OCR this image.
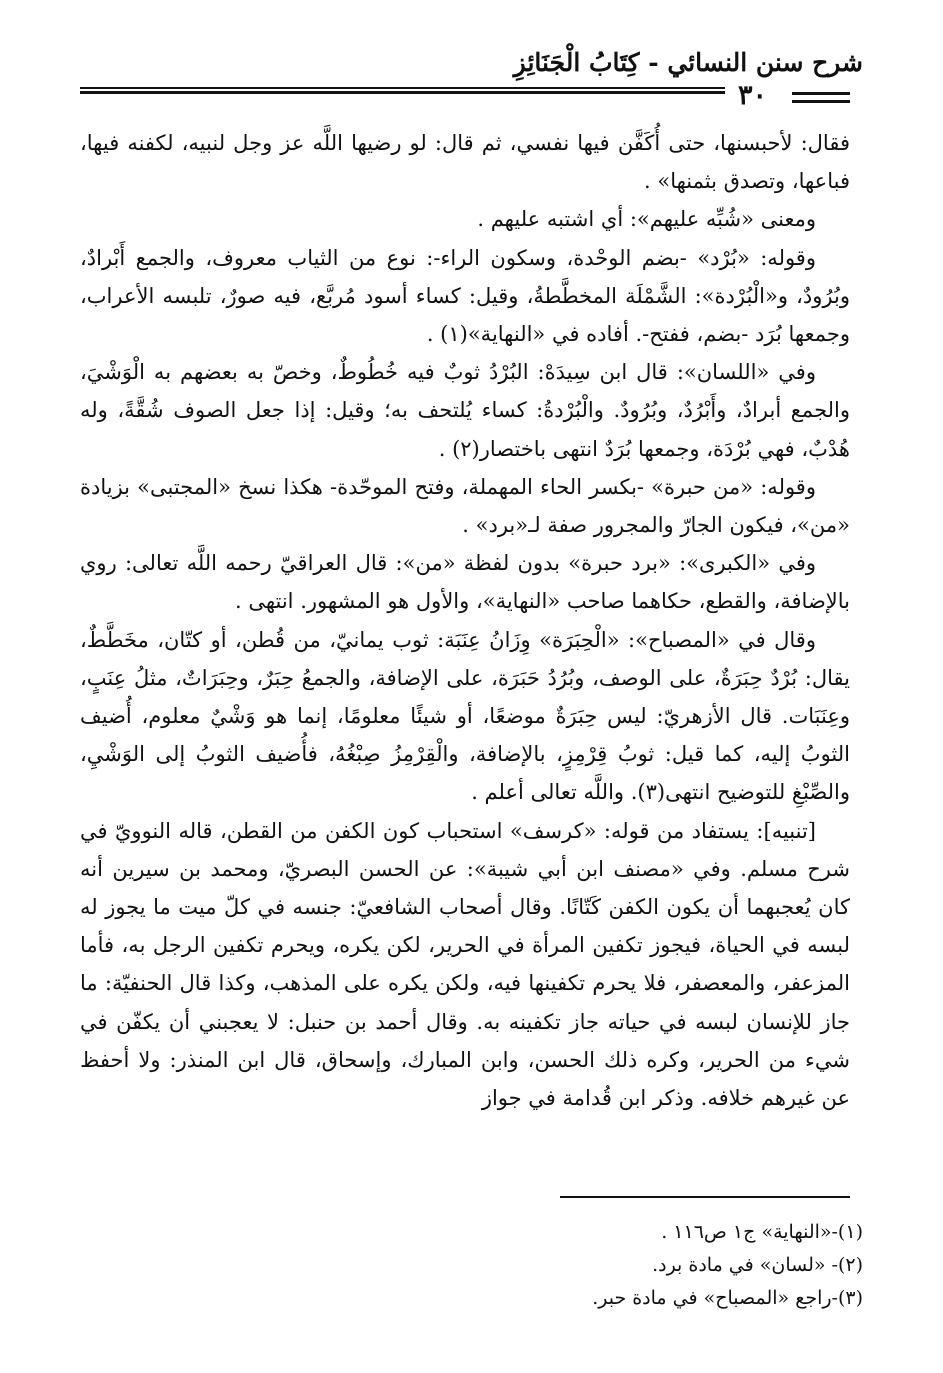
شرح سنن النسائي - كِتَابُ الْجَنَائِزِ
٣٠

فقال: لأحبسنها، حتى أُكَفَّن فيها نفسي، ثم قال: لو رضيها اللَّه عز وجل لنبيه، لكفنه فيها، فباعها، وتصدق بثمنها» .

ومعنى «شُبِّه عليهم»: أي اشتبه عليهم .

وقوله: «بُرْد» -بضم الوحْدة، وسكون الراء-: نوع من الثياب معروف، والجمع أَبْرادٌ، وبُرُودٌ، و«الْبُرْدة»: الشَّمْلَة المخطَّطةُ، وقيل: كساء أسود مُربَّع، فيه صورٌ، تلبسه الأعراب، وجمعها بُرَد -بضم، ففتح-. أفاده في «النهاية»(١) .

وفي «اللسان»: قال ابن سِيدَهْ: البُرْدُ ثوبٌ فيه خُطُوطٌ، وخصّ به بعضهم به الْوَشْيَ، والجمع أبرادٌ، وأَبْرُدٌ، وبُرُودٌ. والْبُرْدةُ: كساء يُلتحف به؛ وقيل: إذا جعل الصوف شُقَّةً، وله هُدْبٌ، فهي بُرْدَة، وجمعها بُرَدٌ انتهى باختصار(٢) .

وقوله: «من حبرة» -بكسر الحاء المهملة، وفتح الموحّدة- هكذا نسخ «المجتبى» بزيادة «من»، فيكون الجارّ والمجرور صفة لـ«برد» .

وفي «الكبرى»: «برد حبرة» بدون لفظة «من»: قال العراقيّ رحمه اللَّه تعالى: روي بالإضافة، والقطع، حكاهما صاحب «النهاية»، والأول هو المشهور. انتهى .

وقال في «المصباح»: «الْحِبَرَة» وِزَانُ عِنَبَة: ثوب يمانيّ، من قُطن، أو كتّان، مخَطَّطٌ، يقال: بُرْدٌ حِبَرَةٌ، على الوصف، وبُرُدُ حَبَرَة، على الإضافة، والجمعُ حِبَرٌ، وحِبَرَاتٌ، مثلُ عِنَبٍ، وعِنَبَات. قال الأزهريّ: ليس حِبَرَةٌ موضعًا، أو شيئًا معلومًا، إنما هو وَشْيٌ معلوم، أُضيف الثوبُ إليه، كما قيل: ثوبُ قِرْمِزٍ، بالإضافة، والْقِرْمِزُ صِبْغُهُ، فأُضيف الثوبُ إلى الوَشْيِ، والصِّبْغِ للتوضيح انتهى(٣). واللَّه تعالى أعلم .

[تنبيه]: يستفاد من قوله: «كرسف» استحباب كون الكفن من القطن، قاله النوويّ في شرح مسلم. وفي «مصنف ابن أبي شيبة»: عن الحسن البصريّ، ومحمد بن سيرين أنه كان يُعجبهما أن يكون الكفن كَتّانًا. وقال أصحاب الشافعيّ: جنسه في كلّ ميت ما يجوز له لبسه في الحياة، فيجوز تكفين المرأة في الحرير، لكن يكره، ويحرم تكفين الرجل به، فأما المزعفر، والمعصفر، فلا يحرم تكفينها فيه، ولكن يكره على المذهب، وكذا قال الحنفيّة: ما جاز للإنسان لبسه في حياته جاز تكفينه به. وقال أحمد بن حنبل: لا يعجبني أن يكفّن في شيء من الحرير، وكره ذلك الحسن، وابن المبارك، وإسحاق، قال ابن المنذر: ولا أحفظ عن غيرهم خلافه. وذكر ابن قُدامة في جواز

(١)-«النهاية» ج١ ص١١٦ .

(٢)- «لسان» في مادة برد.

(٣)-راجع «المصباح» في مادة حبر.
